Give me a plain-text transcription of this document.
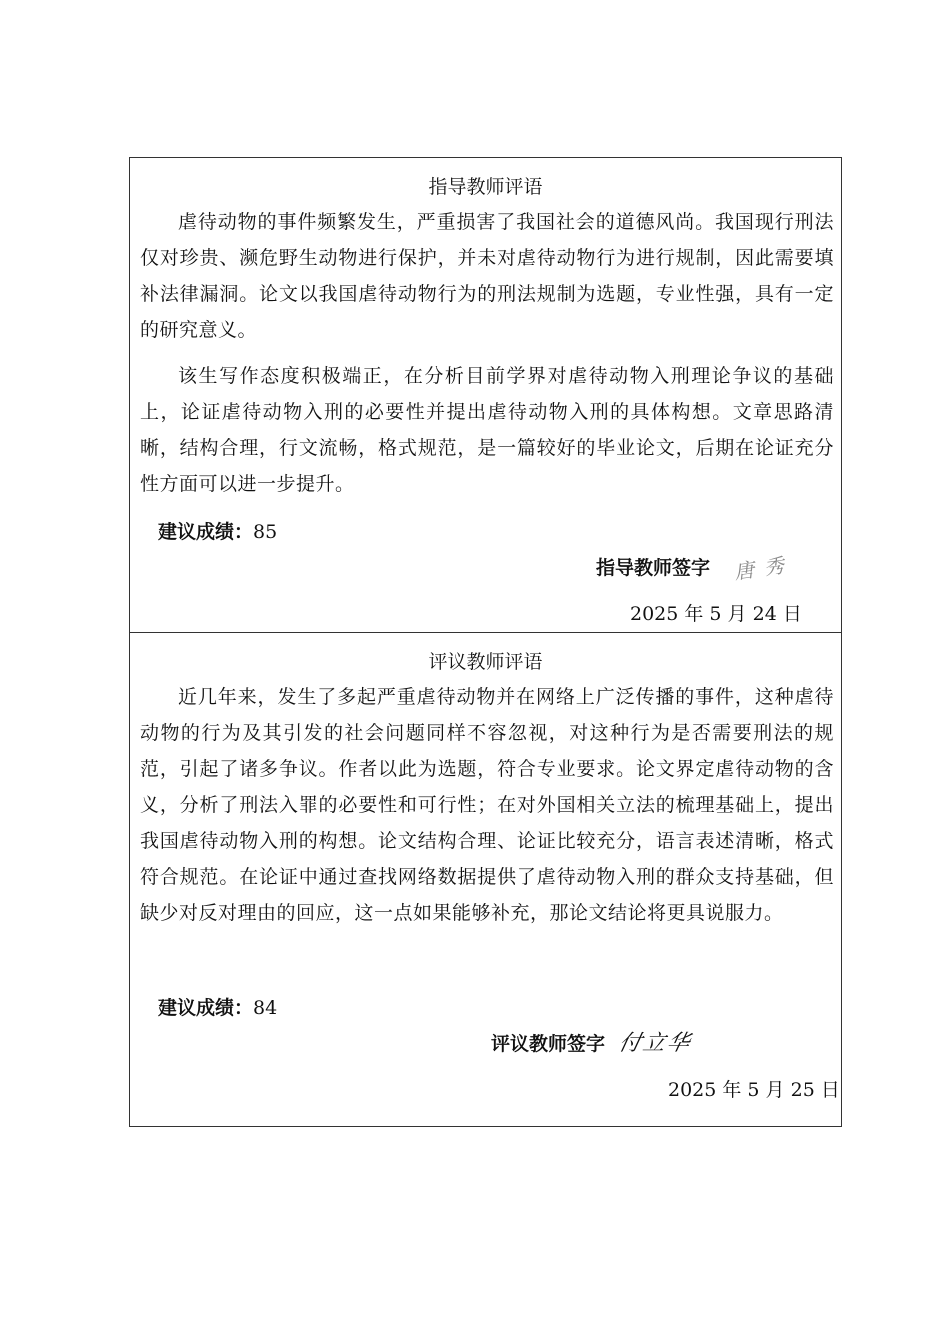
指导教师评语

虐待动物的事件频繁发生，严重损害了我国社会的道德风尚。我国现行刑法仅对珍贵、濒危野生动物进行保护，并未对虐待动物行为进行规制，因此需要填补法律漏洞。论文以我国虐待动物行为的刑法规制为选题，专业性强，具有一定的研究意义。

该生写作态度积极端正，在分析目前学界对虐待动物入刑理论争议的基础上，论证虐待动物入刑的必要性并提出虐待动物入刑的具体构想。文章思路清晰，结构合理，行文流畅，格式规范，是一篇较好的毕业论文，后期在论证充分性方面可以进一步提升。

建议成绩：85
指导教师签字 唐秀
2025 年 5 月 24 日
评议教师评语

近几年来，发生了多起严重虐待动物并在网络上广泛传播的事件，这种虐待动物的行为及其引发的社会问题同样不容忽视，对这种行为是否需要刑法的规范，引起了诸多争议。作者以此为选题，符合专业要求。论文界定虐待动物的含义，分析了刑法入罪的必要性和可行性；在对外国相关立法的梳理基础上，提出我国虐待动物入刑的构想。论文结构合理、论证比较充分，语言表述清晰，格式符合规范。在论证中通过查找网络数据提供了虐待动物入刑的群众支持基础，但缺少对反对理由的回应，这一点如果能够补充，那论文结论将更具说服力。

建议成绩：84
评议教师签字 付立华
2025 年 5 月 25 日
